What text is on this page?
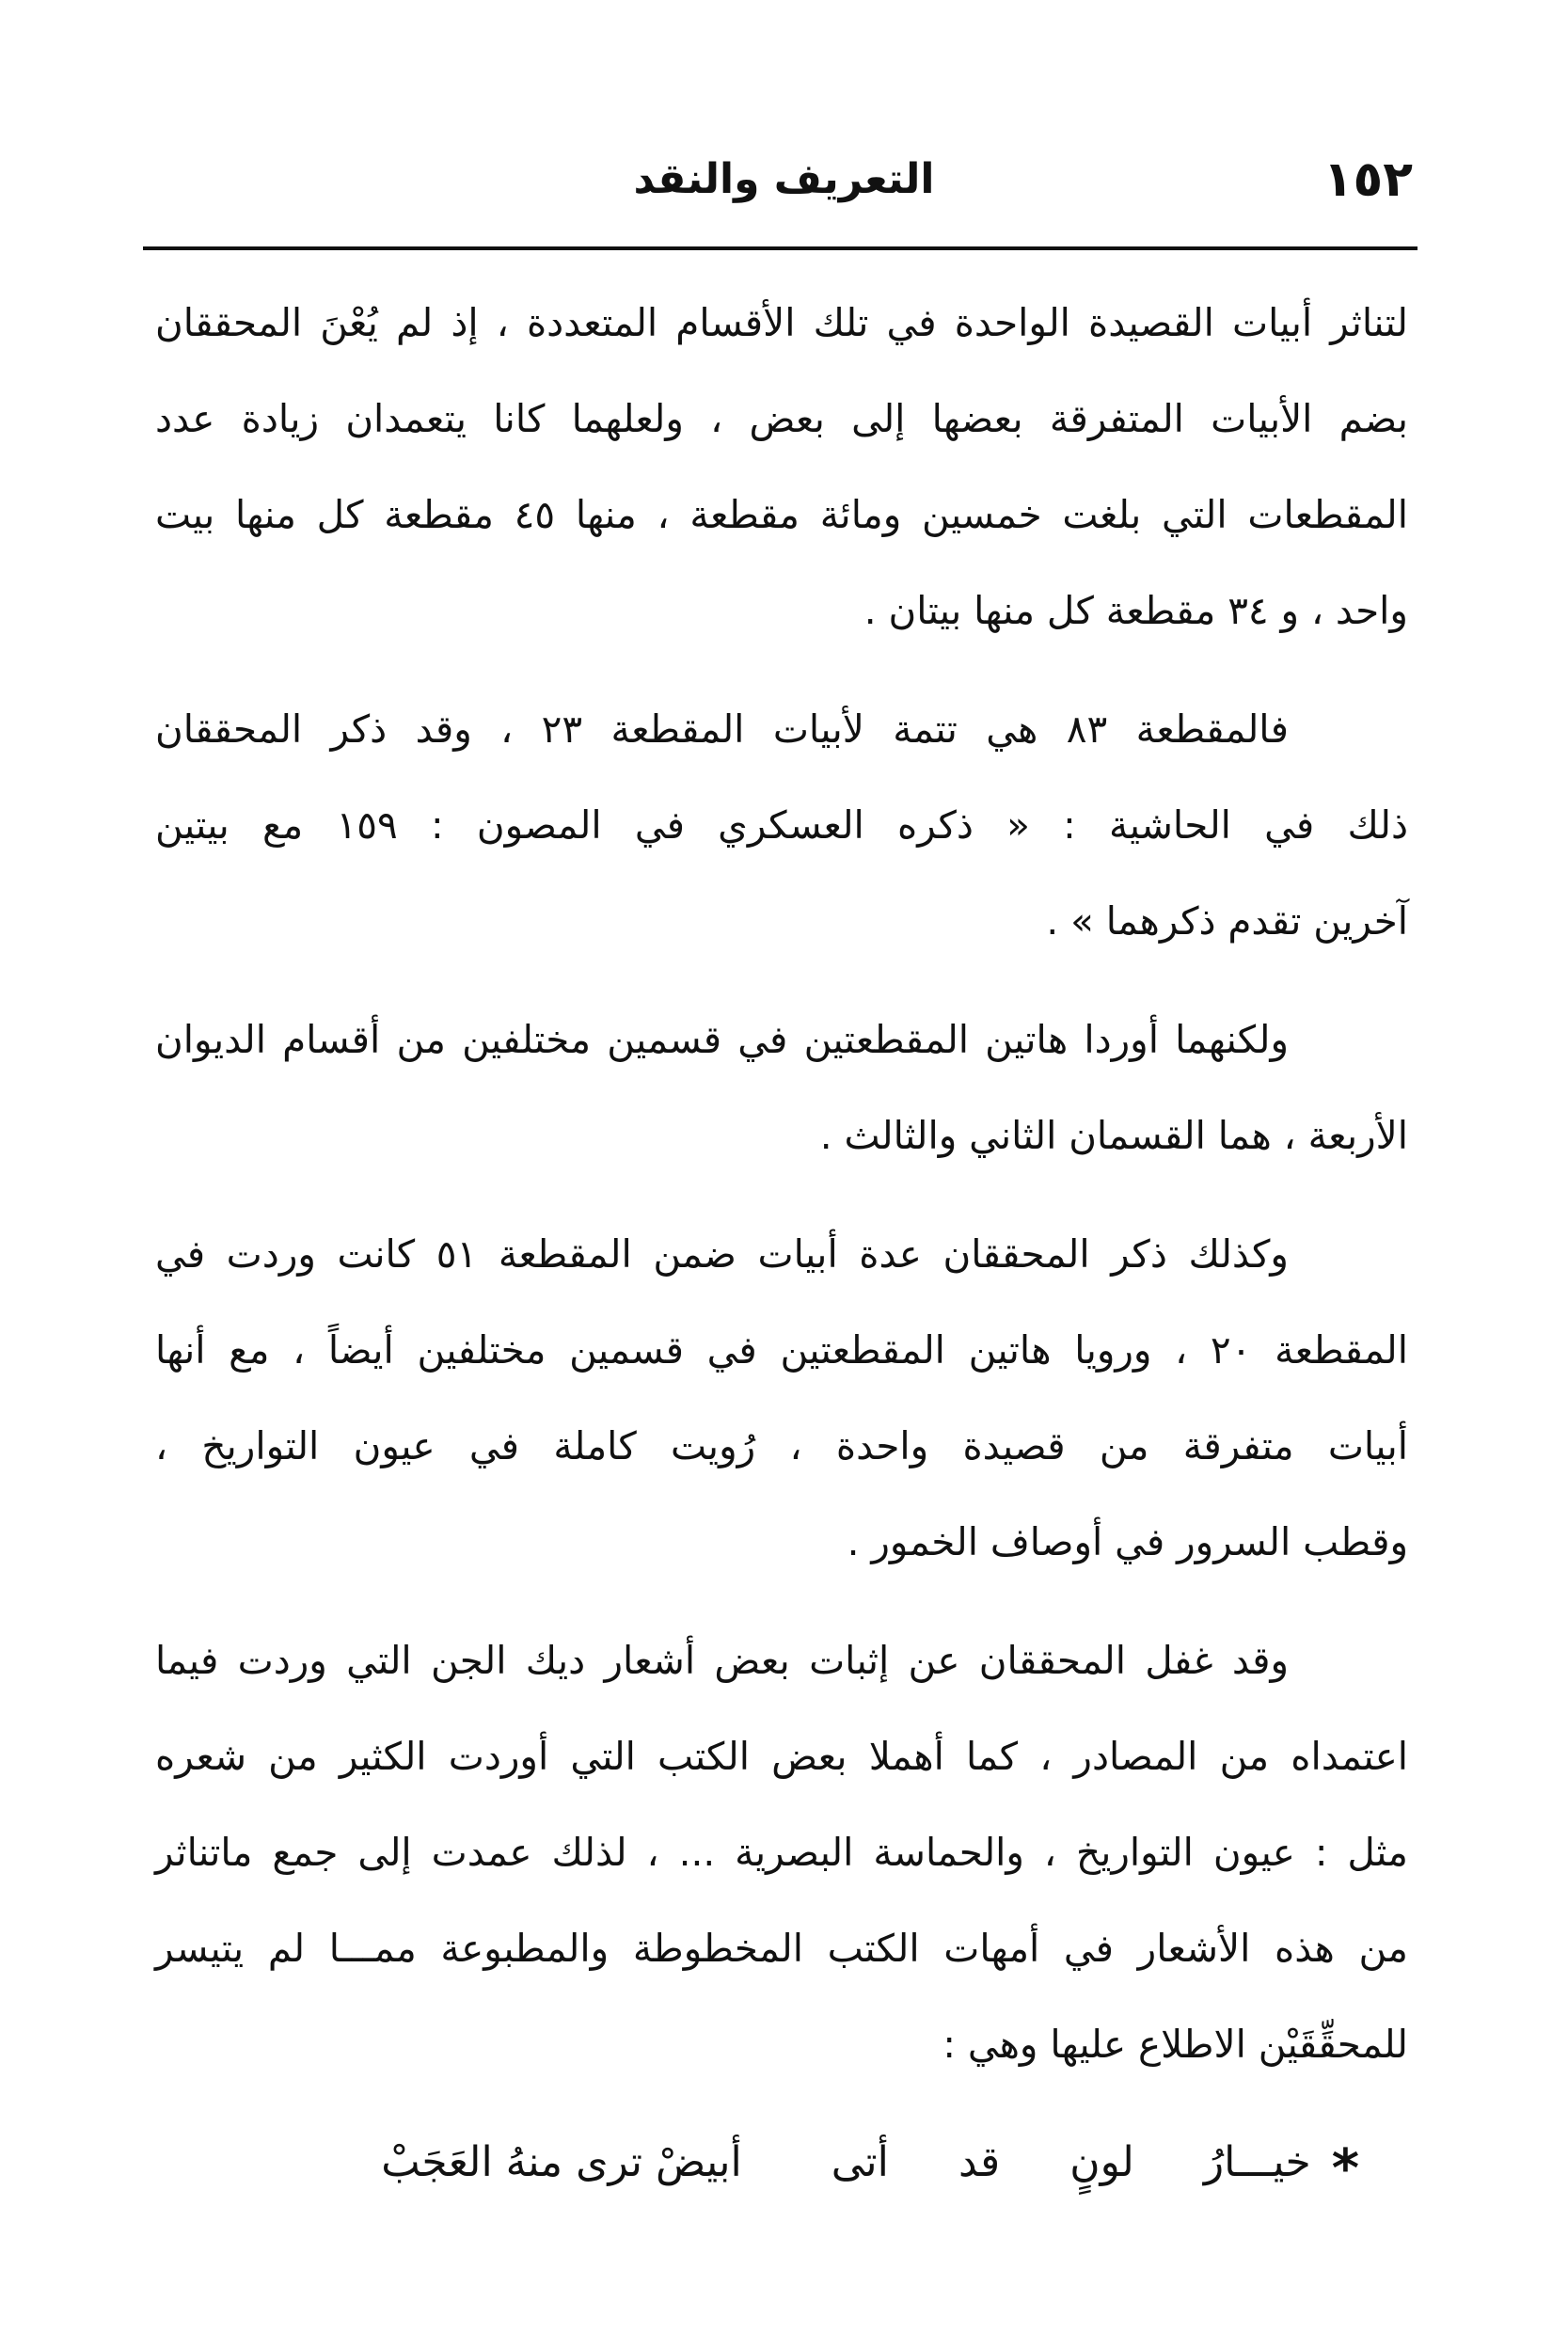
١٥٢
التعريف والنقد
لتناثر أبيات القصيدة الواحدة في تلك الأقسام المتعددة ، إذ لم يُعْنَ المحققان
بضم الأبيات المتفرقة بعضها إلى بعض ، ولعلهما كانا يتعمدان زيادة عدد
المقطعات التي بلغت خمسين ومائة مقطعة ، منها ٤٥ مقطعة كل منها بيت
واحد ، و ٣٤ مقطعة كل منها بيتان .
فالمقطعة ٨٣ هي تتمة لأبيات المقطعة ٢٣ ، وقد ذكر المحققان
ذلك في الحاشية : « ذكره العسكري في المصون : ١٥٩ مع بيتين
آخرين تقدم ذكرهما » .
ولكنهما أوردا هاتين المقطعتين في قسمين مختلفين من أقسام الديوان
الأربعة ، هما القسمان الثاني والثالث .
وكذلك ذكر المحققان عدة أبيات ضمن المقطعة ٥١ كانت وردت في
المقطعة ٢٠ ، ورويا هاتين المقطعتين في قسمين مختلفين أيضاً ، مع أنها
أبيات متفرقة من قصيدة واحدة ، رُويت كاملة في عيون التواريخ ،
وقطب السرور في أوصاف الخمور .
وقد غفل المحققان عن إثبات بعض أشعار ديك الجن التي وردت فيما
اعتمداه من المصادر ، كما أهملا بعض الكتب التي أوردت الكثير من شعره
مثل : عيون التواريخ ، والحماسة البصرية ... ، لذلك عمدت إلى جمع ماتناثر
من هذه الأشعار في أمهات الكتب المخطوطة والمطبوعة ممـــا لم يتيسر
للمحقِّقَيْن الاطلاع عليها وهي :
*
خيـــارُ لونٍ قد أتى
أبيضْ ترى منهُ العَجَبْ
